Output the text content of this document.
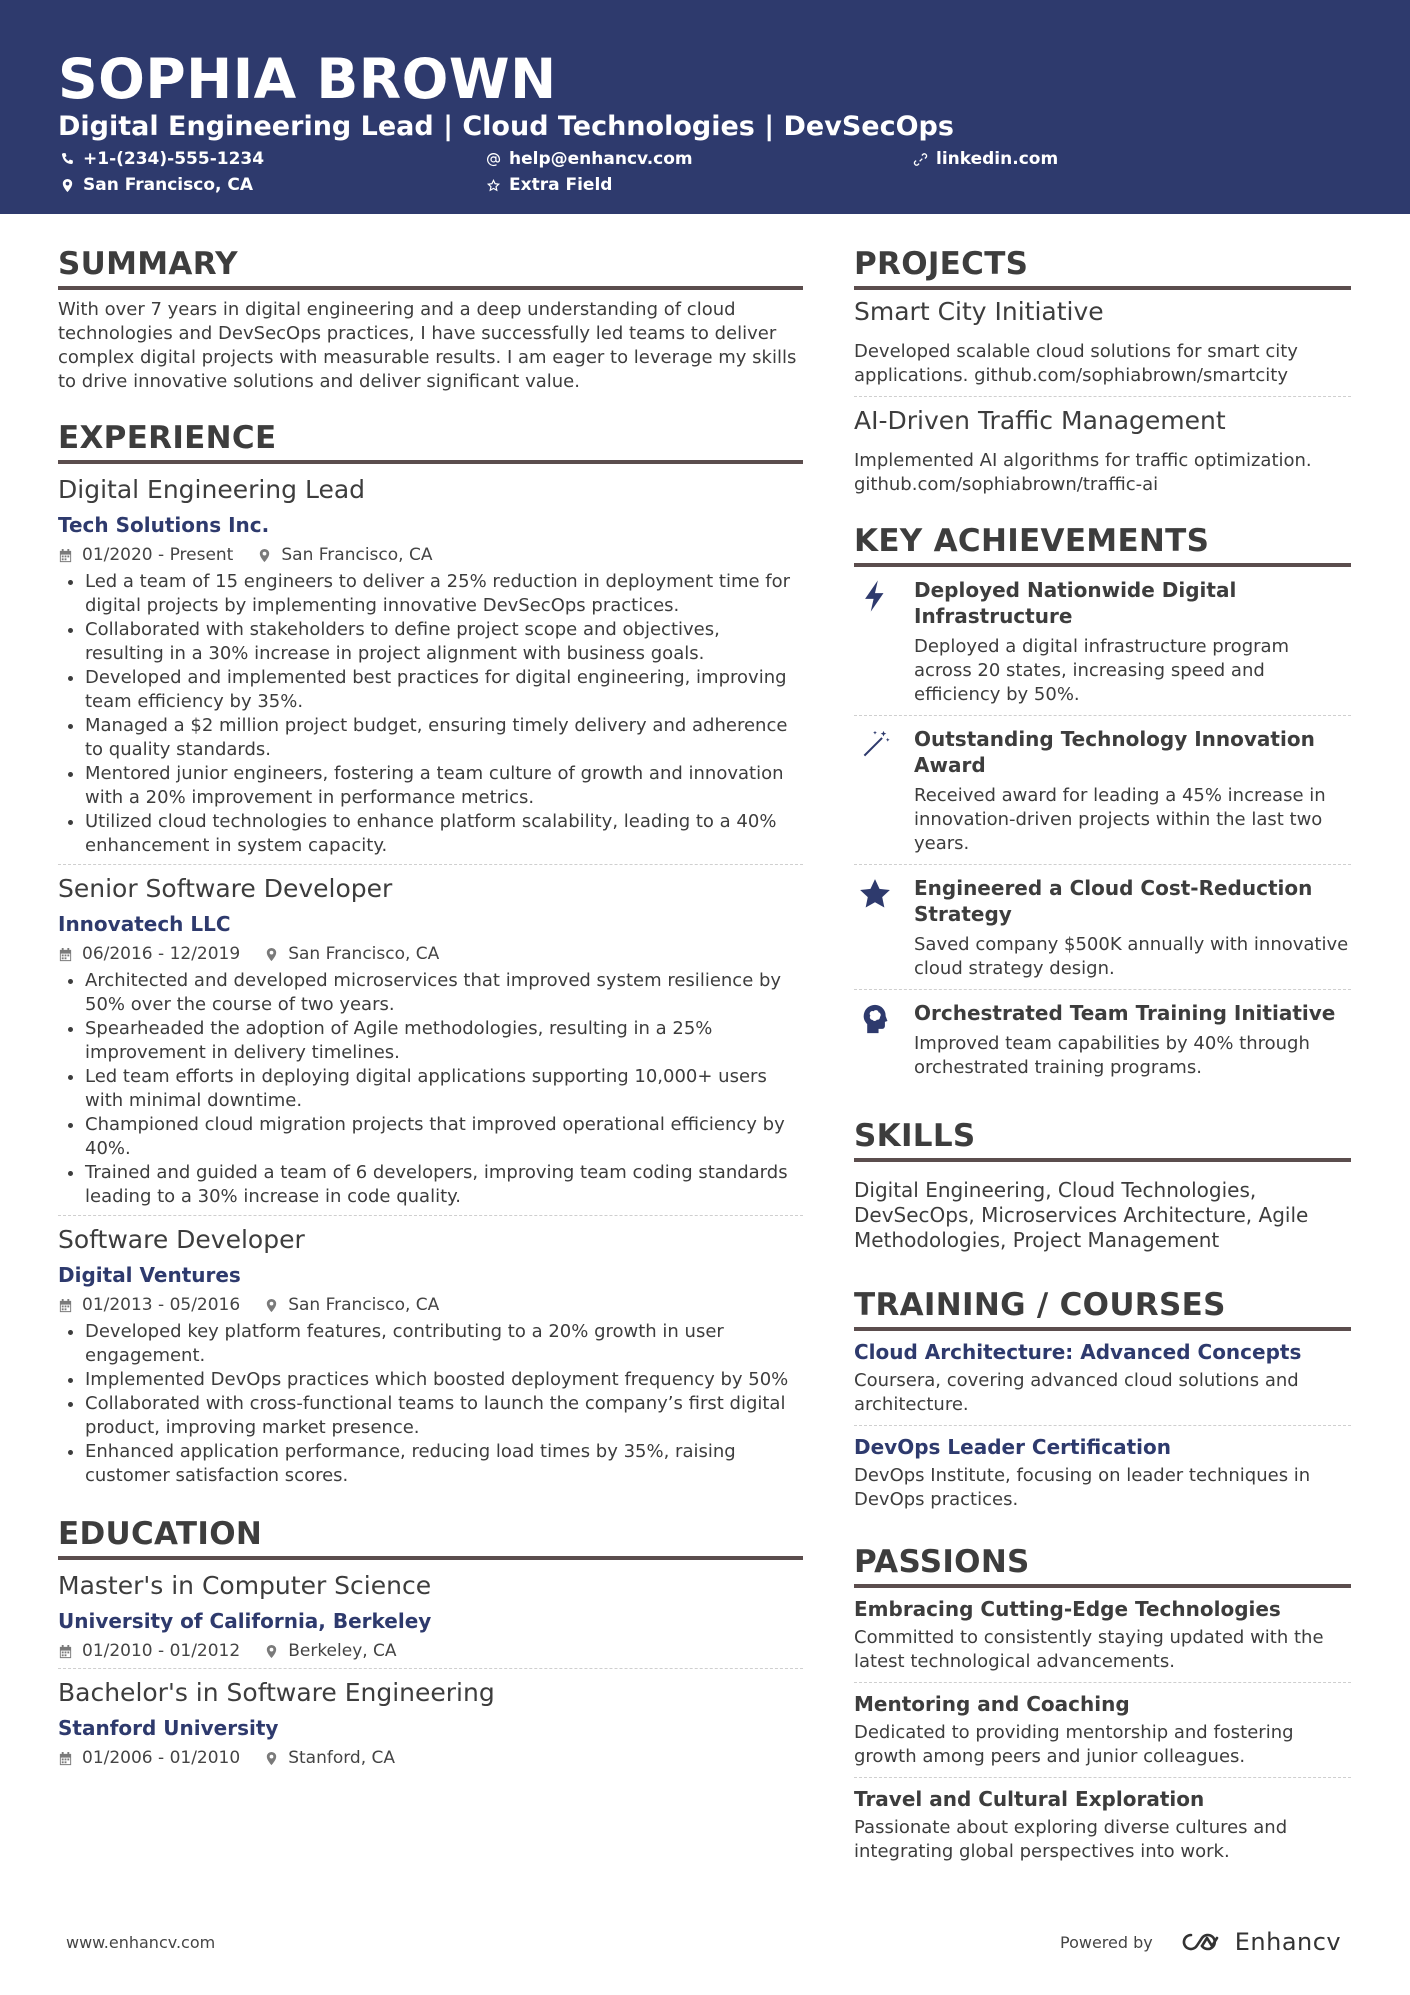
SOPHIA BROWN
Digital Engineering Lead | Cloud Technologies | DevSecOps
+1-(234)-555-1234	help@enhancv.com	linkedin.com
San Francisco, CA	Extra Field
SUMMARY

With over 7 years in digital engineering and a deep understanding of cloud technologies and DevSecOps practices, I have successfully led teams to deliver complex digital projects with measurable results. I am eager to leverage my skills to drive innovative solutions and deliver significant value.

EXPERIENCE
Digital Engineering Lead
Tech Solutions Inc.
01/2020 - Present	San Francisco, CA
• Led a team of 15 engineers to deliver a 25% reduction in deployment time for digital projects by implementing innovative DevSecOps practices.
• Collaborated with stakeholders to define project scope and objectives, resulting in a 30% increase in project alignment with business goals.
• Developed and implemented best practices for digital engineering, improving team efficiency by 35%.
• Managed a $2 million project budget, ensuring timely delivery and adherence to quality standards.
• Mentored junior engineers, fostering a team culture of growth and innovation with a 20% improvement in performance metrics.
• Utilized cloud technologies to enhance platform scalability, leading to a 40% enhancement in system capacity.
Senior Software Developer
Innovatech LLC
06/2016 - 12/2019	San Francisco, CA
• Architected and developed microservices that improved system resilience by 50% over the course of two years.
• Spearheaded the adoption of Agile methodologies, resulting in a 25% improvement in delivery timelines.
• Led team efforts in deploying digital applications supporting 10,000+ users with minimal downtime.
• Championed cloud migration projects that improved operational efficiency by 40%.
• Trained and guided a team of 6 developers, improving team coding standards leading to a 30% increase in code quality.
Software Developer
Digital Ventures
01/2013 - 05/2016	San Francisco, CA
• Developed key platform features, contributing to a 20% growth in user engagement.
• Implemented DevOps practices which boosted deployment frequency by 50%
• Collaborated with cross-functional teams to launch the company’s first digital product, improving market presence.
• Enhanced application performance, reducing load times by 35%, raising customer satisfaction scores.
EDUCATION
Master's in Computer Science
University of California, Berkeley
01/2010 - 01/2012	Berkeley, CA
Bachelor's in Software Engineering
Stanford University
01/2006 - 01/2010	Stanford, CA
PROJECTS
Smart City Initiative

Developed scalable cloud solutions for smart city applications. github.com/sophiabrown/smartcity

AI-Driven Traffic Management

Implemented AI algorithms for traffic optimization. github.com/sophiabrown/traffic-ai

KEY ACHIEVEMENTS
Deployed Nationwide Digital Infrastructure

Deployed a digital infrastructure program across 20 states, increasing speed and efficiency by 50%.

Outstanding Technology Innovation Award

Received award for leading a 45% increase in innovation-driven projects within the last two years.

Engineered a Cloud Cost-Reduction Strategy

Saved company $500K annually with innovative cloud strategy design.

Orchestrated Team Training Initiative

Improved team capabilities by 40% through orchestrated training programs.

SKILLS

Digital Engineering, Cloud Technologies, DevSecOps, Microservices Architecture, Agile Methodologies, Project Management

TRAINING / COURSES
Cloud Architecture: Advanced Concepts

Coursera, covering advanced cloud solutions and architecture.

DevOps Leader Certification

DevOps Institute, focusing on leader techniques in DevOps practices.

PASSIONS
Embracing Cutting-Edge Technologies

Committed to consistently staying updated with the latest technological advancements.

Mentoring and Coaching

Dedicated to providing mentorship and fostering growth among peers and junior colleagues.

Travel and Cultural Exploration

Passionate about exploring diverse cultures and integrating global perspectives into work.

www.enhancv.com	Powered by	Enhancv
